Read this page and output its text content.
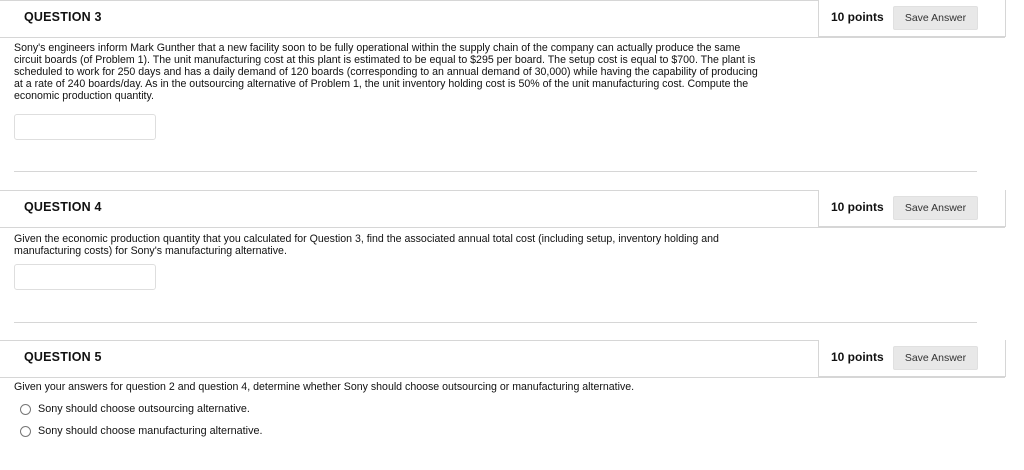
QUESTION 3	10 points	Save Answer
Sony's engineers inform Mark Gunther that a new facility soon to be fully operational within the supply chain of the company can actually produce the same circuit boards (of Problem 1). The unit manufacturing cost at this plant is estimated to be equal to $295 per board. The setup cost is equal to $700. The plant is scheduled to work for 250 days and has a daily demand of 120 boards (corresponding to an annual demand of 30,000) while having the capability of producing at a rate of 240 boards/day. As in the outsourcing alternative of Problem 1, the unit inventory holding cost is 50% of the unit manufacturing cost. Compute the economic production quantity.
QUESTION 4	10 points	Save Answer
Given the economic production quantity that you calculated for Question 3, find the associated annual total cost (including setup, inventory holding and manufacturing costs) for Sony's manufacturing alternative.
QUESTION 5	10 points	Save Answer
Given your answers for question 2 and question 4, determine whether Sony should choose outsourcing or manufacturing alternative.
Sony should choose outsourcing alternative.
Sony should choose manufacturing alternative.
